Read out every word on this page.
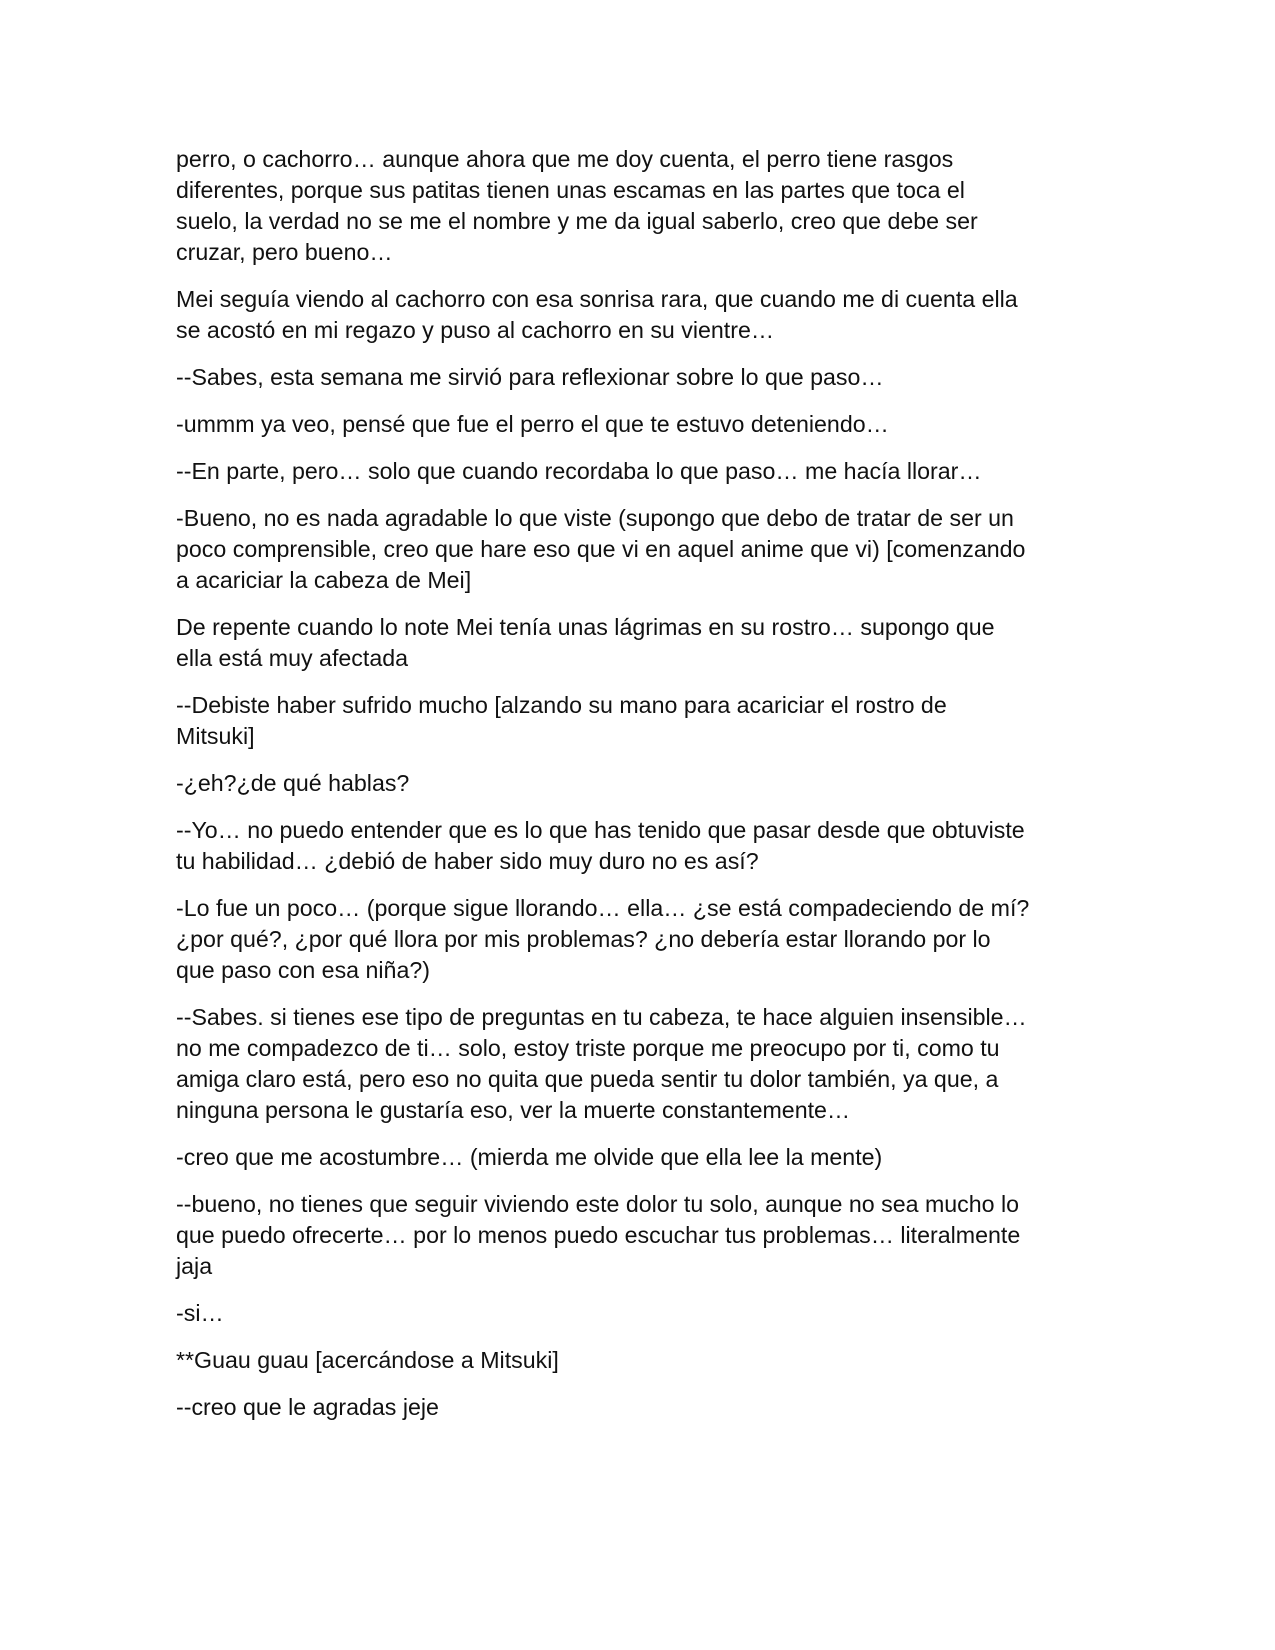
perro, o cachorro… aunque ahora que me doy cuenta, el perro tiene rasgos
diferentes, porque sus patitas tienen unas escamas en las partes que toca el
suelo, la verdad no se me el nombre y me da igual saberlo, creo que debe ser
cruzar, pero bueno…

Mei seguía viendo al cachorro con esa sonrisa rara, que cuando me di cuenta ella
se acostó en mi regazo y puso al cachorro en su vientre…

--Sabes, esta semana me sirvió para reflexionar sobre lo que paso…

-ummm ya veo, pensé que fue el perro el que te estuvo deteniendo…

--En parte, pero… solo que cuando recordaba lo que paso… me hacía llorar…

-Bueno, no es nada agradable lo que viste (supongo que debo de tratar de ser un
poco comprensible, creo que hare eso que vi en aquel anime que vi) [comenzando
a acariciar la cabeza de Mei]

De repente cuando lo note Mei tenía unas lágrimas en su rostro… supongo que
ella está muy afectada

--Debiste haber sufrido mucho [alzando su mano para acariciar el rostro de
Mitsuki]

-¿eh?¿de qué hablas?

--Yo… no puedo entender que es lo que has tenido que pasar desde que obtuviste
tu habilidad… ¿debió de haber sido muy duro no es así?

-Lo fue un poco… (porque sigue llorando… ella… ¿se está compadeciendo de mí?
¿por qué?, ¿por qué llora por mis problemas? ¿no debería estar llorando por lo
que paso con esa niña?)

--Sabes. si tienes ese tipo de preguntas en tu cabeza, te hace alguien insensible…
no me compadezco de ti… solo, estoy triste porque me preocupo por ti, como tu
amiga claro está, pero eso no quita que pueda sentir tu dolor también, ya que, a
ninguna persona le gustaría eso, ver la muerte constantemente…

-creo que me acostumbre… (mierda me olvide que ella lee la mente)

--bueno, no tienes que seguir viviendo este dolor tu solo, aunque no sea mucho lo
que puedo ofrecerte… por lo menos puedo escuchar tus problemas… literalmente
jaja

-si…

**Guau guau [acercándose a Mitsuki]

--creo que le agradas jeje
